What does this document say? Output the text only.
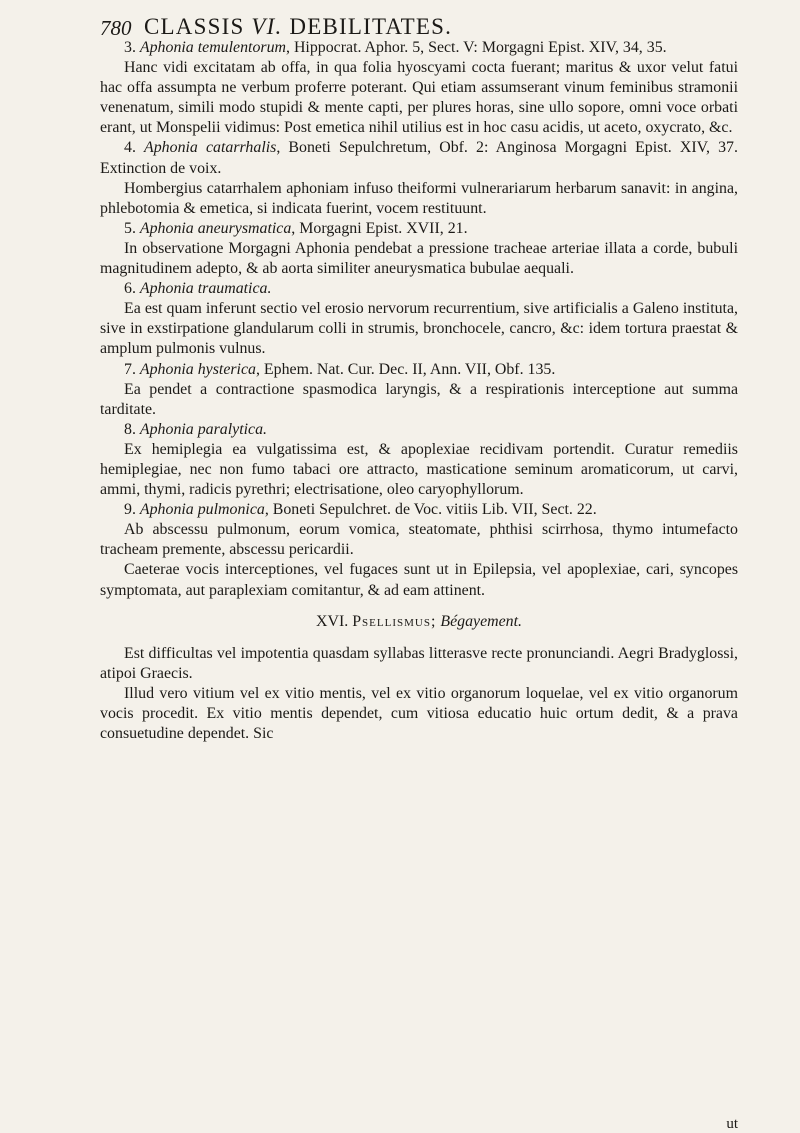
780 CLASSIS VI. DEBILITATES.

3. Aphonia temulentorum, Hippocrat. Aphor. 5, Sect. V: Morgagni Epist. XIV, 34, 35.

Hanc vidi excitatam ab offa, in qua folia hyoscyami cocta fuerant; maritus & uxor velut fatui hac offa assumpta ne verbum proferre poterant. Qui etiam assumserant vinum feminibus stramonii venenatum, simili modo stupidi & mente capti, per plures horas, sine ullo sopore, omni voce orbati erant, ut Monspelii vidimus: Post emetica nihil utilius est in hoc casu acidis, ut aceto, oxycrato, &c.

4. Aphonia catarrhalis, Boneti Sepulchretum, Obf. 2: Anginosa Morgagni Epist. XIV, 37. Extinction de voix.

Hombergius catarrhalem aphoniam infuso theiformi vulnerariarum herbarum sanavit: in angina, phlebotomia & emetica, si indicata fuerint, vocem restituunt.

5. Aphonia aneurysmatica, Morgagni Epist. XVII, 21.

In observatione Morgagni Aphonia pendebat a pressione tracheae arteriae illata a corde, bubuli magnitudinem adepto, & ab aorta similiter aneurysmatica bubulae aequali.

6. Aphonia traumatica.

Ea est quam inferunt sectio vel erosio nervorum recurrentium, sive artificialis a Galeno instituta, sive in exstirpatione glandularum colli in strumis, bronchocele, cancro, &c: idem tortura praestat & amplum pulmonis vulnus.

7. Aphonia hysterica, Ephem. Nat. Cur. Dec. II, Ann. VII, Obf. 135.

Ea pendet a contractione spasmodica laryngis, & a respirationis interceptione aut summa tarditate.

8. Aphonia paralytica.

Ex hemiplegia ea vulgatissima est, & apoplexiae recidivam portendit. Curatur remediis hemiplegiae, nec non fumo tabaci ore attracto, masticatione seminum aromaticorum, ut carvi, ammi, thymi, radicis pyrethri; electrisatione, oleo caryophyllorum.

9. Aphonia pulmonica, Boneti Sepulchret. de Voc. vitiis Lib. VII, Sect. 22.

Ab abscessu pulmonum, eorum vomica, steatomate, phthisi scirrhosa, thymo intumefacto tracheam premente, abscessu pericardii.

Caeterae vocis interceptiones, vel fugaces sunt ut in Epilepsia, vel apoplexiae, cari, syncopes symptomata, aut paraplexiam comitantur, & ad eam attinent.

XVI. Psellismus; Bégayement.

Est difficultas vel impotentia quasdam syllabas litterasve recte pronunciandi. Aegri Bradyglossi, atipoi Graecis.

Illud vero vitium vel ex vitio mentis, vel ex vitio organorum loquelae, vel ex vitio organorum vocis procedit. Ex vitio mentis dependet, cum vitiosa educatio huic ortum dedit, & a prava consuetudine dependet. Sic

ut
